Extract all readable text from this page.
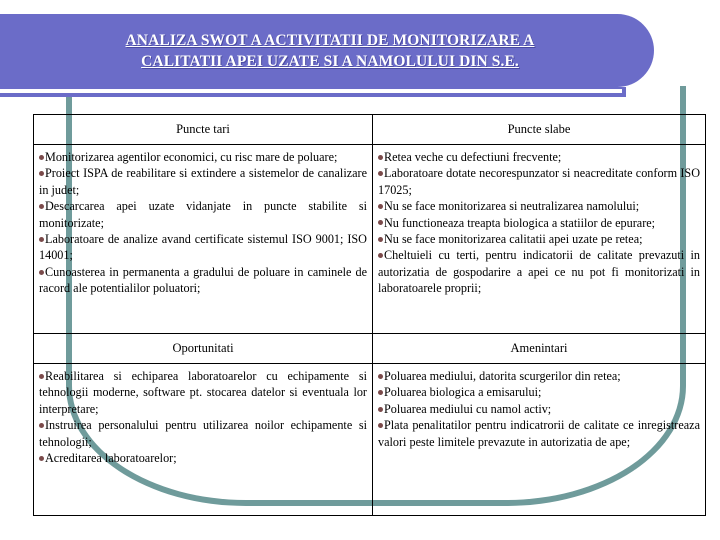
ANALIZA SWOT A ACTIVITATII DE MONITORIZARE A
CALITATII APEI UZATE SI A NAMOLULUI DIN S.E.
Puncte tari	Puncte slabe

Monitorizarea agentilor economici, cu risc mare de poluare;
Proiect ISPA de reabilitare si extindere a sistemelor de canalizare in judet;
Descarcarea apei uzate vidanjate in puncte stabilite si monitorizate;
Laboratoare de analize avand certificate sistemul ISO 9001; ISO 14001;
Cunoasterea in permanenta a gradului de poluare in caminele de racord ale potentialilor poluatori;

Retea veche cu defectiuni frecvente;
Laboratoare dotate necorespunzator si neacreditate conform ISO 17025;
Nu se face monitorizarea si neutralizarea namolului;
Nu functioneaza treapta biologica a statiilor de epurare;
Nu se face monitorizarea calitatii apei uzate pe retea;
Cheltuieli cu terti, pentru indicatorii de calitate prevazuti in autorizatia de gospodarire a apei ce nu pot fi monitorizati in laboratoarele proprii;

Oportunitati	Amenintari

Reabilitarea si echiparea laboratoarelor cu echipamente si tehnologii moderne, software pt. stocarea datelor si eventuala lor interpretare;
Instruirea personalului pentru utilizarea noilor echipamente si tehnologii;
Acreditarea laboratoarelor;

Poluarea mediului, datorita scurgerilor din retea;
Poluarea biologica a emisarului;
Poluarea mediului cu namol activ;
Plata penalitatilor pentru indicatrorii de calitate ce inregistreaza valori peste limitele prevazute in autorizatia de ape;
